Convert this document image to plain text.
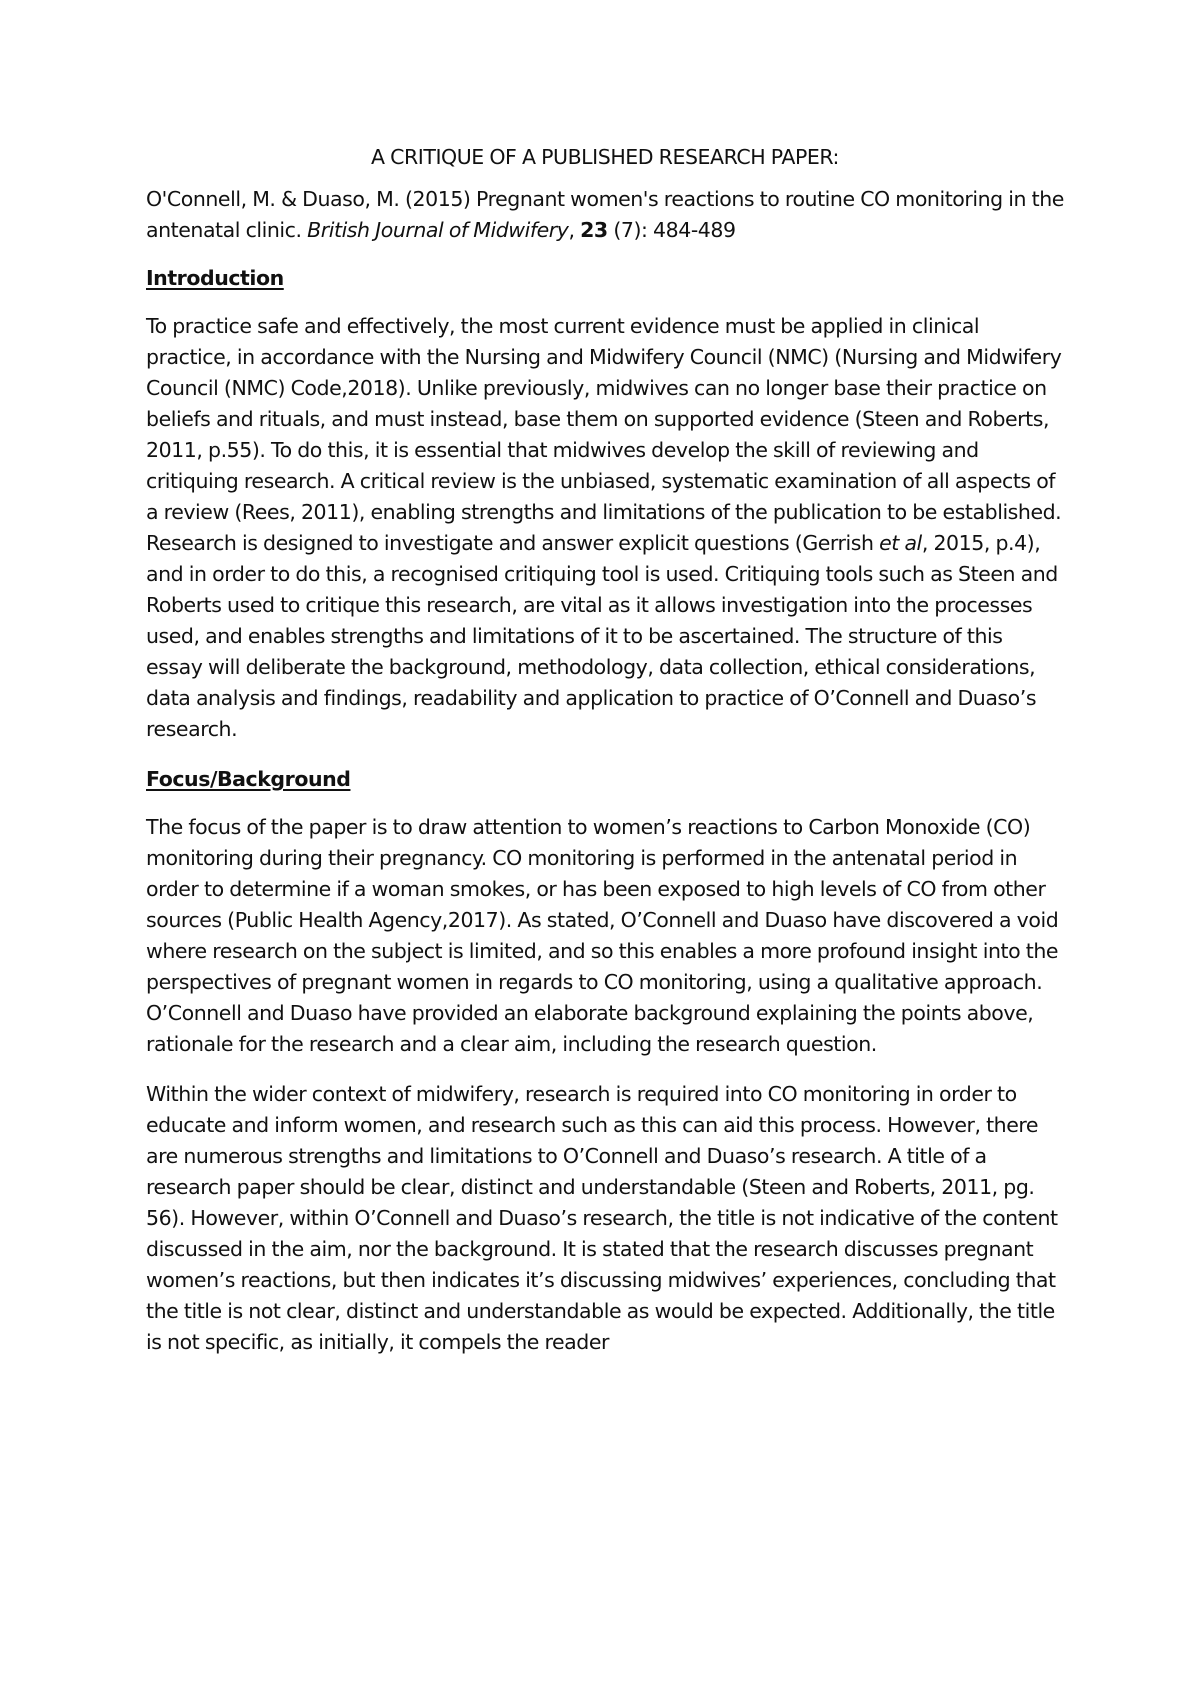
A CRITIQUE OF A PUBLISHED RESEARCH PAPER:

O'Connell, M. & Duaso, M. (2015) Pregnant women's reactions to routine CO monitoring in the antenatal clinic. British Journal of Midwifery, 23 (7): 484-489

Introduction

To practice safe and effectively, the most current evidence must be applied in clinical practice, in accordance with the Nursing and Midwifery Council (NMC) (Nursing and Midwifery Council (NMC) Code,2018). Unlike previously, midwives can no longer base their practice on beliefs and rituals, and must instead, base them on supported evidence (Steen and Roberts, 2011, p.55). To do this, it is essential that midwives develop the skill of reviewing and critiquing research. A critical review is the unbiased, systematic examination of all aspects of a review (Rees, 2011), enabling strengths and limitations of the publication to be established. Research is designed to investigate and answer explicit questions (Gerrish et al, 2015, p.4), and in order to do this, a recognised critiquing tool is used. Critiquing tools such as Steen and Roberts used to critique this research, are vital as it allows investigation into the processes used, and enables strengths and limitations of it to be ascertained. The structure of this essay will deliberate the background, methodology, data collection, ethical considerations, data analysis and findings, readability and application to practice of O’Connell and Duaso’s research.

Focus/Background

The focus of the paper is to draw attention to women’s reactions to Carbon Monoxide (CO) monitoring during their pregnancy. CO monitoring is performed in the antenatal period in order to determine if a woman smokes, or has been exposed to high levels of CO from other sources (Public Health Agency,2017). As stated, O’Connell and Duaso have discovered a void where research on the subject is limited, and so this enables a more profound insight into the perspectives of pregnant women in regards to CO monitoring, using a qualitative approach. O’Connell and Duaso have provided an elaborate background explaining the points above, rationale for the research and a clear aim, including the research question.

Within the wider context of midwifery, research is required into CO monitoring in order to educate and inform women, and research such as this can aid this process. However, there are numerous strengths and limitations to O’Connell and Duaso’s research. A title of a research paper should be clear, distinct and understandable (Steen and Roberts, 2011, pg. 56). However, within O’Connell and Duaso’s research, the title is not indicative of the content discussed in the aim, nor the background. It is stated that the research discusses pregnant women’s reactions, but then indicates it’s discussing midwives’ experiences, concluding that the title is not clear, distinct and understandable as would be expected. Additionally, the title is not specific, as initially, it compels the reader
